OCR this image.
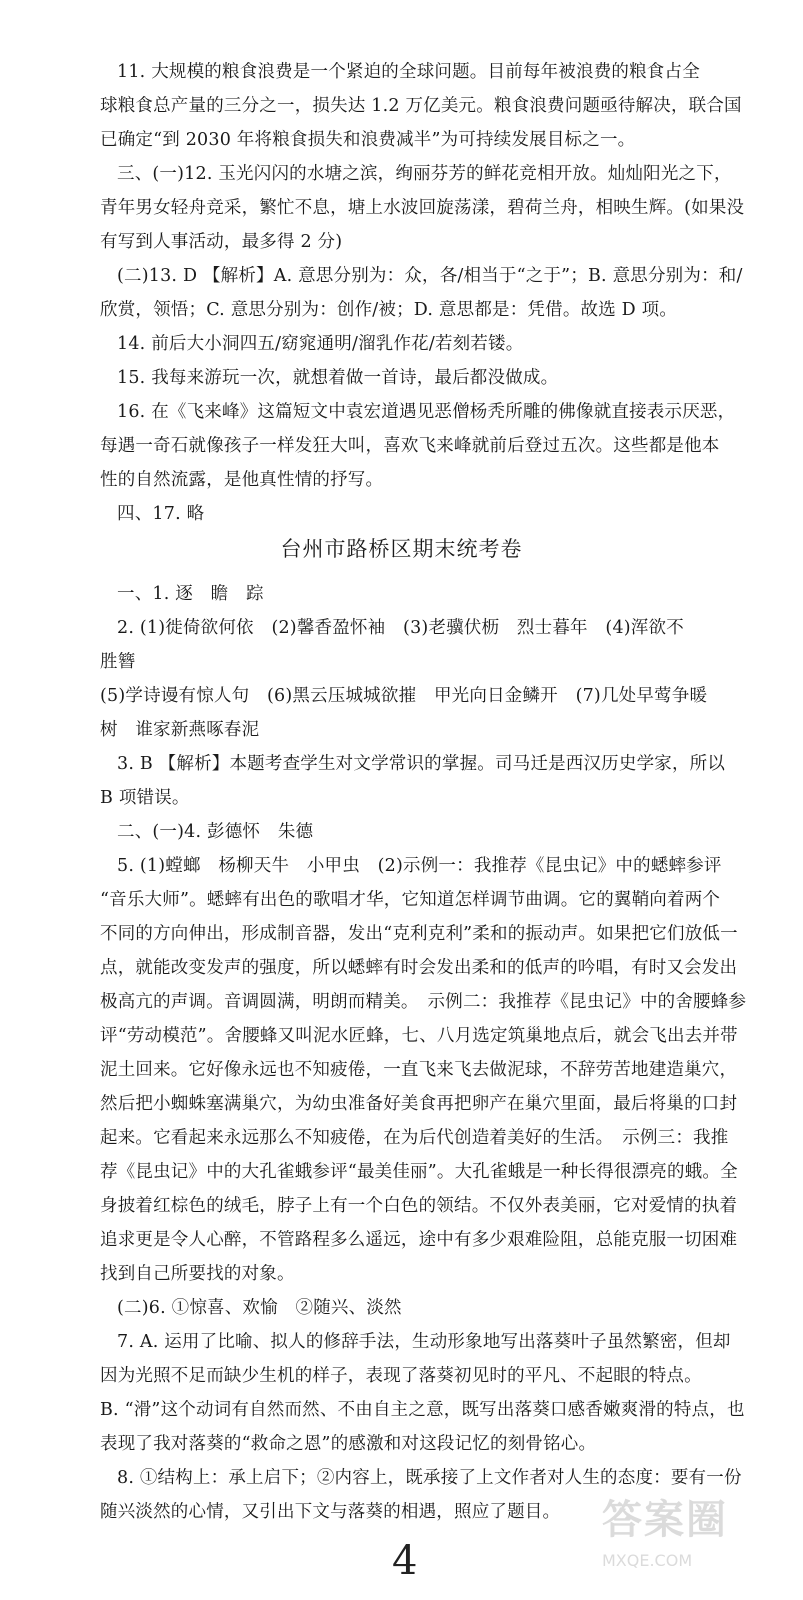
11. 大规模的粮食浪费是一个紧迫的全球问题。目前每年被浪费的粮食占全
球粮食总产量的三分之一，损失达 1.2 万亿美元。粮食浪费问题亟待解决，联合国
已确定“到 2030 年将粮食损失和浪费减半”为可持续发展目标之一。
三、(一)12. 玉光闪闪的水塘之滨，绚丽芬芳的鲜花竞相开放。灿灿阳光之下，
青年男女轻舟竞采，繁忙不息，塘上水波回旋荡漾，碧荷兰舟，相映生辉。(如果没
有写到人事活动，最多得 2 分)
(二)13. D 【解析】A. 意思分别为：众，各/相当于“之于”；B. 意思分别为：和/
欣赏，领悟；C. 意思分别为：创作/被；D. 意思都是：凭借。故选 D 项。
14. 前后大小洞四五/窈窕通明/溜乳作花/若刻若镂。
15. 我每来游玩一次，就想着做一首诗，最后都没做成。
16. 在《飞来峰》这篇短文中袁宏道遇见恶僧杨秃所雕的佛像就直接表示厌恶，
每遇一奇石就像孩子一样发狂大叫，喜欢飞来峰就前后登过五次。这些都是他本
性的自然流露，是他真性情的抒写。
四、17. 略
台州市路桥区期末统考卷
一、1. 逐　瞻　踪
2. (1)徙倚欲何依　(2)馨香盈怀袖　(3)老骥伏枥　烈士暮年　(4)浑欲不
胜簪
(5)学诗谩有惊人句　(6)黑云压城城欲摧　甲光向日金鳞开　(7)几处早莺争暖
树　谁家新燕啄春泥
3. B 【解析】本题考查学生对文学常识的掌握。司马迁是西汉历史学家，所以
B 项错误。
二、(一)4. 彭德怀　朱德
5. (1)螳螂　杨柳天牛　小甲虫　(2)示例一：我推荐《昆虫记》中的蟋蟀参评
“音乐大师”。蟋蟀有出色的歌唱才华，它知道怎样调节曲调。它的翼鞘向着两个
不同的方向伸出，形成制音器，发出“克利克利”柔和的振动声。如果把它们放低一
点，就能改变发声的强度，所以蟋蟀有时会发出柔和的低声的吟唱，有时又会发出
极高亢的声调。音调圆满，明朗而精美。　示例二：我推荐《昆虫记》中的舍腰蜂参
评“劳动模范”。舍腰蜂又叫泥水匠蜂，七、八月选定筑巢地点后，就会飞出去并带
泥土回来。它好像永远也不知疲倦，一直飞来飞去做泥球，不辞劳苦地建造巢穴，
然后把小蜘蛛塞满巢穴，为幼虫准备好美食再把卵产在巢穴里面，最后将巢的口封
起来。它看起来永远那么不知疲倦，在为后代创造着美好的生活。　示例三：我推
荐《昆虫记》中的大孔雀蛾参评“最美佳丽”。大孔雀蛾是一种长得很漂亮的蛾。全
身披着红棕色的绒毛，脖子上有一个白色的领结。不仅外表美丽，它对爱情的执着
追求更是令人心醉，不管路程多么遥远，途中有多少艰难险阻，总能克服一切困难
找到自己所要找的对象。
(二)6. ①惊喜、欢愉　②随兴、淡然
7. A. 运用了比喻、拟人的修辞手法，生动形象地写出落葵叶子虽然繁密，但却
因为光照不足而缺少生机的样子，表现了落葵初见时的平凡、不起眼的特点。
B. “滑”这个动词有自然而然、不由自主之意，既写出落葵口感香嫩爽滑的特点，也
表现了我对落葵的“救命之恩”的感激和对这段记忆的刻骨铭心。
8. ①结构上：承上启下；②内容上，既承接了上文作者对人生的态度：要有一份
随兴淡然的心情，又引出下文与落葵的相遇，照应了题目。
4
答案圈
MXQE.COM
